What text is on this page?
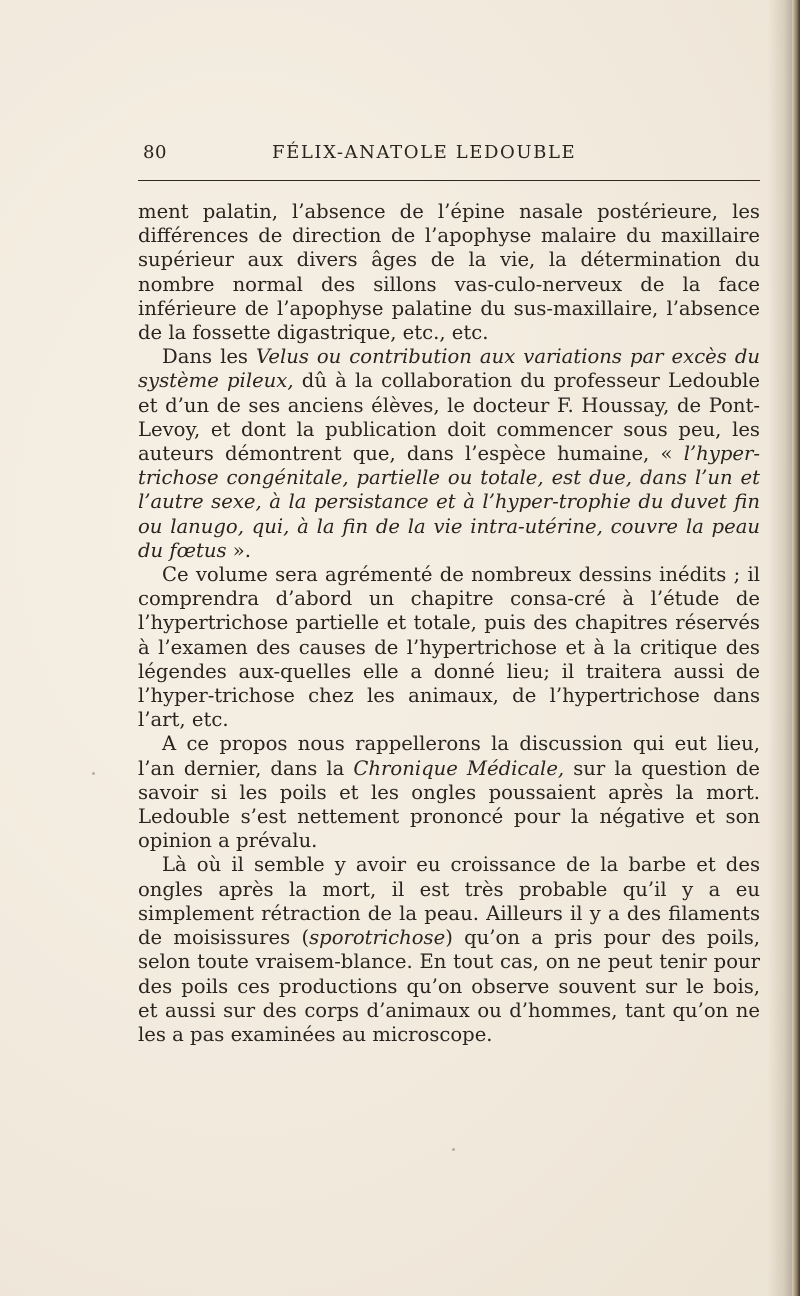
80	FÉLIX-ANATOLE LEDOUBLE

ment palatin, l’absence de l’épine nasale postérieure, les différences de direction de l’apophyse malaire du maxillaire supérieur aux divers âges de la vie, la détermination du nombre normal des sillons vas-culo-nerveux de la face inférieure de l’apophyse palatine du sus-maxillaire, l’absence de la fossette digastrique, etc., etc.

Dans les Velus ou contribution aux variations par excès du système pileux, dû à la collaboration du professeur Ledouble et d’un de ses anciens élèves, le docteur F. Houssay, de Pont-Levoy, et dont la publication doit commencer sous peu, les auteurs démontrent que, dans l’espèce humaine, « l’hyper-trichose congénitale, partielle ou totale, est due, dans l’un et l’autre sexe, à la persistance et à l’hyper-trophie du duvet fin ou lanugo, qui, à la fin de la vie intra-utérine, couvre la peau du fœtus ».

Ce volume sera agrémenté de nombreux dessins inédits ; il comprendra d’abord un chapitre consa-cré à l’étude de l’hypertrichose partielle et totale, puis des chapitres réservés à l’examen des causes de l’hypertrichose et à la critique des légendes aux-quelles elle a donné lieu; il traitera aussi de l’hyper-trichose chez les animaux, de l’hypertrichose dans l’art, etc.

A ce propos nous rappellerons la discussion qui eut lieu, l’an dernier, dans la Chronique Médicale, sur la question de savoir si les poils et les ongles poussaient après la mort. Ledouble s’est nettement prononcé pour la négative et son opinion a prévalu.

Là où il semble y avoir eu croissance de la barbe et des ongles après la mort, il est très probable qu’il y a eu simplement rétraction de la peau. Ailleurs il y a des filaments de moisissures (sporotrichose) qu’on a pris pour des poils, selon toute vraisem-blance. En tout cas, on ne peut tenir pour des poils ces productions qu’on observe souvent sur le bois, et aussi sur des corps d’animaux ou d’hommes, tant qu’on ne les a pas examinées au microscope.
